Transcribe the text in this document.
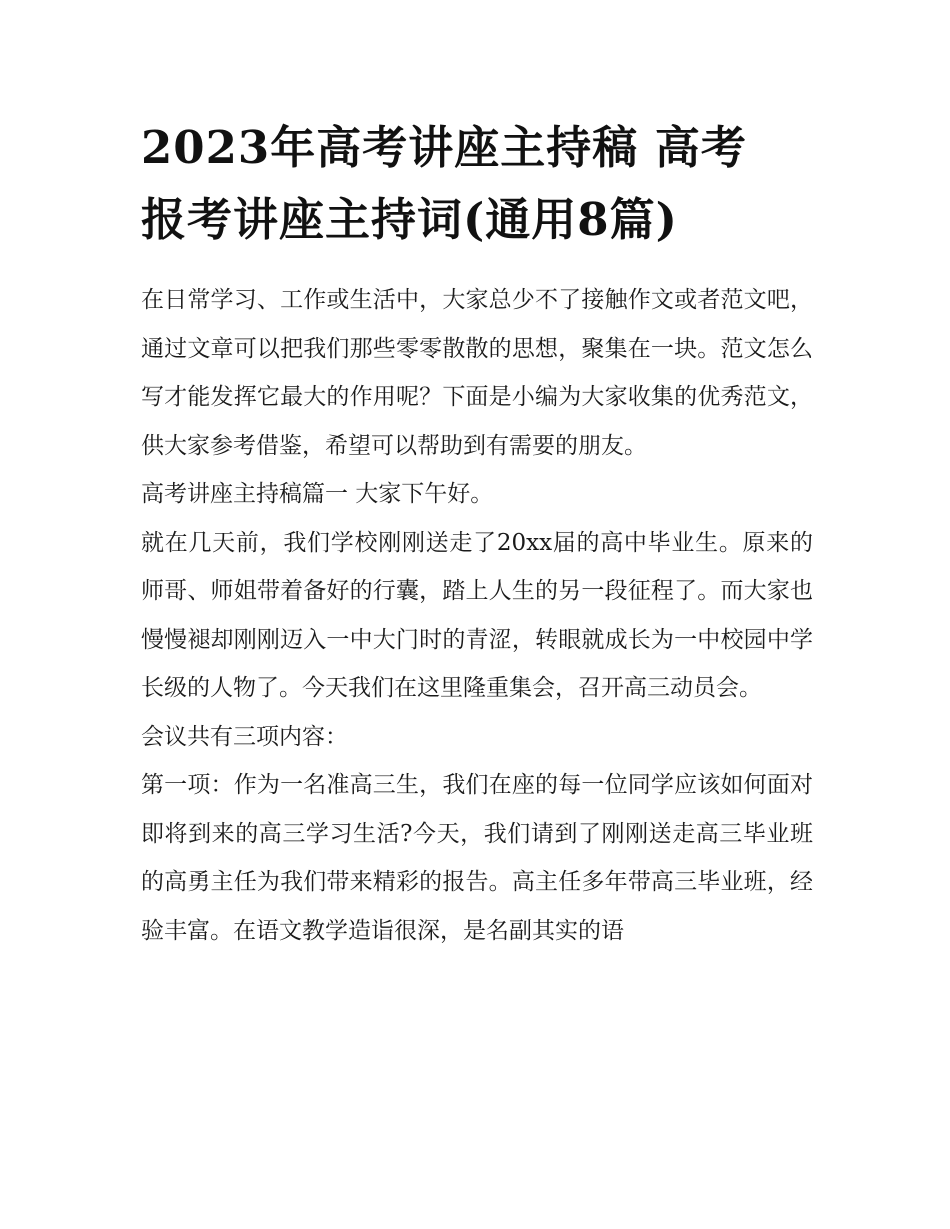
2023年高考讲座主持稿 高考
报考讲座主持词(通用8篇)

在日常学习、工作或生活中，大家总少不了接触作文或者范文吧，通过文章可以把我们那些零零散散的思想，聚集在一块。范文怎么写才能发挥它最大的作用呢？下面是小编为大家收集的优秀范文，供大家参考借鉴，希望可以帮助到有需要的朋友。

高考讲座主持稿篇一 大家下午好。

就在几天前，我们学校刚刚送走了20xx届的高中毕业生。原来的师哥、师姐带着备好的行囊，踏上人生的另一段征程了。而大家也慢慢褪却刚刚迈入一中大门时的青涩，转眼就成长为一中校园中学长级的人物了。今天我们在这里隆重集会，召开高三动员会。

会议共有三项内容：

第一项：作为一名准高三生，我们在座的每一位同学应该如何面对即将到来的高三学习生活?今天，我们请到了刚刚送走高三毕业班的高勇主任为我们带来精彩的报告。高主任多年带高三毕业班，经验丰富。在语文教学造诣很深，是名副其实的语
